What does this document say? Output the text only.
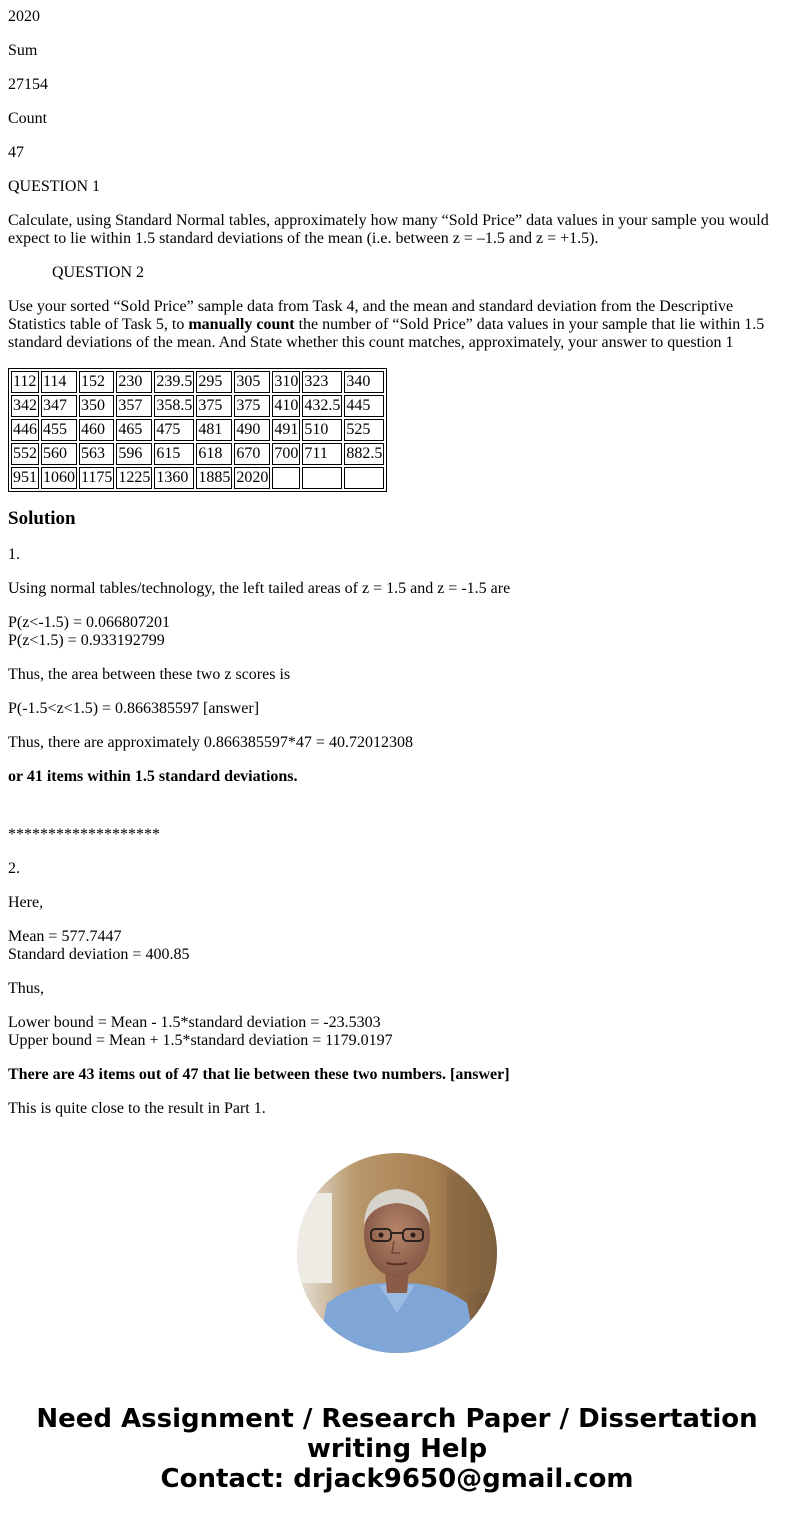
2020

Sum

27154

Count

47

QUESTION 1

Calculate, using Standard Normal tables, approximately how many “Sold Price” data values in your sample you would expect to lie within 1.5 standard deviations of the mean (i.e. between z = –1.5 and z = +1.5).

QUESTION 2

Use your sorted “Sold Price” sample data from Task 4, and the mean and standard deviation from the Descriptive Statistics table of Task 5, to manually count the number of “Sold Price” data values in your sample that lie within 1.5 standard deviations of the mean. And State whether this count matches, approximately, your answer to question 1

112	114	152	230	239.5	295	305	310	323	340
342	347	350	357	358.5	375	375	410	432.5	445
446	455	460	465	475	481	490	491	510	525
552	560	563	596	615	618	670	700	711	882.5
951	1060	1175	1225	1360	1885	2020			
Solution

1.

Using normal tables/technology, the left tailed areas of z = 1.5 and z = -1.5 are

P(z<-1.5) = 0.066807201
P(z<1.5) = 0.933192799

Thus, the area between these two z scores is

P(-1.5<z<1.5) = 0.866385597 [answer]

Thus, there are approximately 0.866385597*47 = 40.72012308

or 41 items within 1.5 standard deviations.

*******************

2.

Here,

Mean = 577.7447
Standard deviation = 400.85

Thus,

Lower bound = Mean - 1.5*standard deviation = -23.5303
Upper bound = Mean + 1.5*standard deviation = 1179.0197

There are 43 items out of 47 that lie between these two numbers. [answer]

This is quite close to the result in Part 1.

Need Assignment / Research Paper / Dissertation
writing Help
Contact: drjack9650@gmail.com
